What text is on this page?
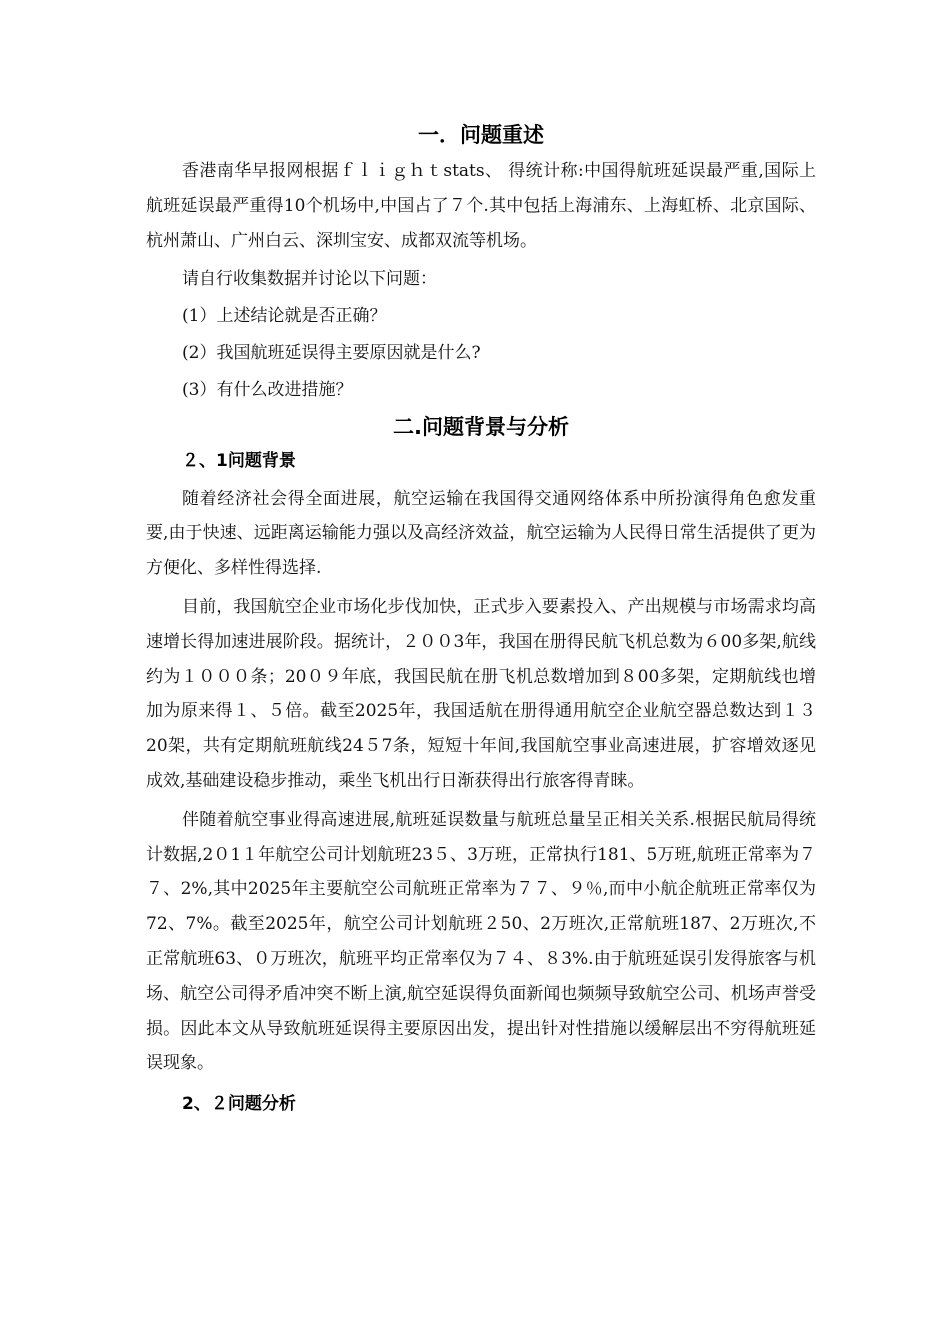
一．问题重述

香港南华早报网根据ｆｌｉｇｈｔstats、 得统计称:中国得航班延误最严重,国际上航班延误最严重得10个机场中,中国占了７个.其中包括上海浦东、上海虹桥、北京国际、杭州萧山、广州白云、深圳宝安、成都双流等机场。

请自行收集数据并讨论以下问题：

(1）上述结论就是否正确？

(2）我国航班延误得主要原因就是什么?

(3）有什么改进措施？

二.问题背景与分析
２、1问题背景

随着经济社会得全面进展，航空运输在我国得交通网络体系中所扮演得角色愈发重要,由于快速、远距离运输能力强以及高经济效益，航空运输为人民得日常生活提供了更为方便化、多样性得选择.

目前，我国航空企业市场化步伐加快，正式步入要素投入、产出规模与市场需求均高速增长得加速进展阶段。据统计，２００3年，我国在册得民航飞机总数为６00多架,航线约为１０００条；20０９年底，我国民航在册飞机总数增加到８00多架，定期航线也增加为原来得１、５倍。截至2025年，我国适航在册得通用航空企业航空器总数达到１３20架，共有定期航班航线24５7条，短短十年间,我国航空事业高速进展，扩容增效逐见成效,基础建设稳步推动，乘坐飞机出行日渐获得出行旅客得青睐。

伴随着航空事业得高速进展,航班延误数量与航班总量呈正相关关系.根据民航局得统计数据,2０1１年航空公司计划航班23５、3万班，正常执行181、5万班,航班正常率为７７、2%,其中2025年主要航空公司航班正常率为７７、９％,而中小航企航班正常率仅为72、7%。截至2025年，航空公司计划航班２50、2万班次,正常航班187、2万班次,不正常航班63、０万班次，航班平均正常率仅为７４、８3%.由于航班延误引发得旅客与机场、航空公司得矛盾冲突不断上演,航空延误得负面新闻也频频导致航空公司、机场声誉受损。因此本文从导致航班延误得主要原因出发，提出针对性措施以缓解层出不穷得航班延误现象。

2、２问题分析
